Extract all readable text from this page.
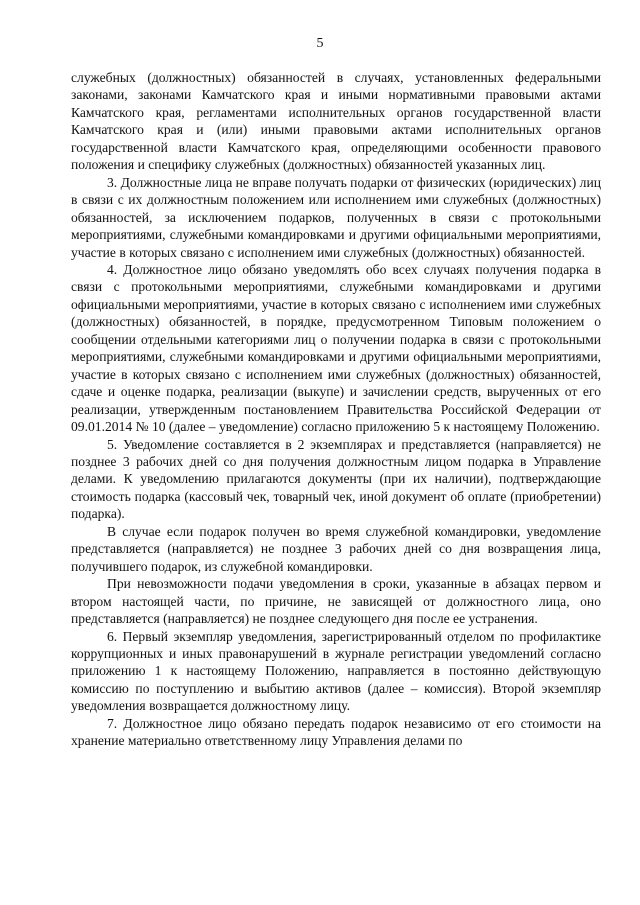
5

служебных (должностных) обязанностей в случаях, установленных федеральными законами, законами Камчатского края и иными нормативными правовыми актами Камчатского края, регламентами исполнительных органов государственной власти Камчатского края и (или) иными правовыми актами исполнительных органов государственной власти Камчатского края, определяющими особенности правового положения и специфику служебных (должностных) обязанностей указанных лиц.

3. Должностные лица не вправе получать подарки от физических (юридических) лиц в связи с их должностным положением или исполнением ими служебных (должностных) обязанностей, за исключением подарков, полученных в связи с протокольными мероприятиями, служебными командировками и другими официальными мероприятиями, участие в которых связано с исполнением ими служебных (должностных) обязанностей.

4. Должностное лицо обязано уведомлять обо всех случаях получения подарка в связи с протокольными мероприятиями, служебными командировками и другими официальными мероприятиями, участие в которых связано с исполнением ими служебных (должностных) обязанностей, в порядке, предусмотренном Типовым положением о сообщении отдельными категориями лиц о получении подарка в связи с протокольными мероприятиями, служебными командировками и другими официальными мероприятиями, участие в которых связано с исполнением ими служебных (должностных) обязанностей, сдаче и оценке подарка, реализации (выкупе) и зачислении средств, вырученных от его реализации, утвержденным постановлением Правительства Российской Федерации от 09.01.2014 № 10 (далее – уведомление) согласно приложению 5 к настоящему Положению.

5. Уведомление составляется в 2 экземплярах и представляется (направляется) не позднее 3 рабочих дней со дня получения должностным лицом подарка в Управление делами. К уведомлению прилагаются документы (при их наличии), подтверждающие стоимость подарка (кассовый чек, товарный чек, иной документ об оплате (приобретении) подарка).

В случае если подарок получен во время служебной командировки, уведомление представляется (направляется) не позднее 3 рабочих дней со дня возвращения лица, получившего подарок, из служебной командировки.

При невозможности подачи уведомления в сроки, указанные в абзацах первом и втором настоящей части, по причине, не зависящей от должностного лица, оно представляется (направляется) не позднее следующего дня после ее устранения.

6. Первый экземпляр уведомления, зарегистрированный отделом по профилактике коррупционных и иных правонарушений в журнале регистрации уведомлений согласно приложению 1 к настоящему Положению, направляется в постоянно действующую комиссию по поступлению и выбытию активов (далее – комиссия). Второй экземпляр уведомления возвращается должностному лицу.

7. Должностное лицо обязано передать подарок независимо от его стоимости на хранение материально ответственному лицу Управления делами по
